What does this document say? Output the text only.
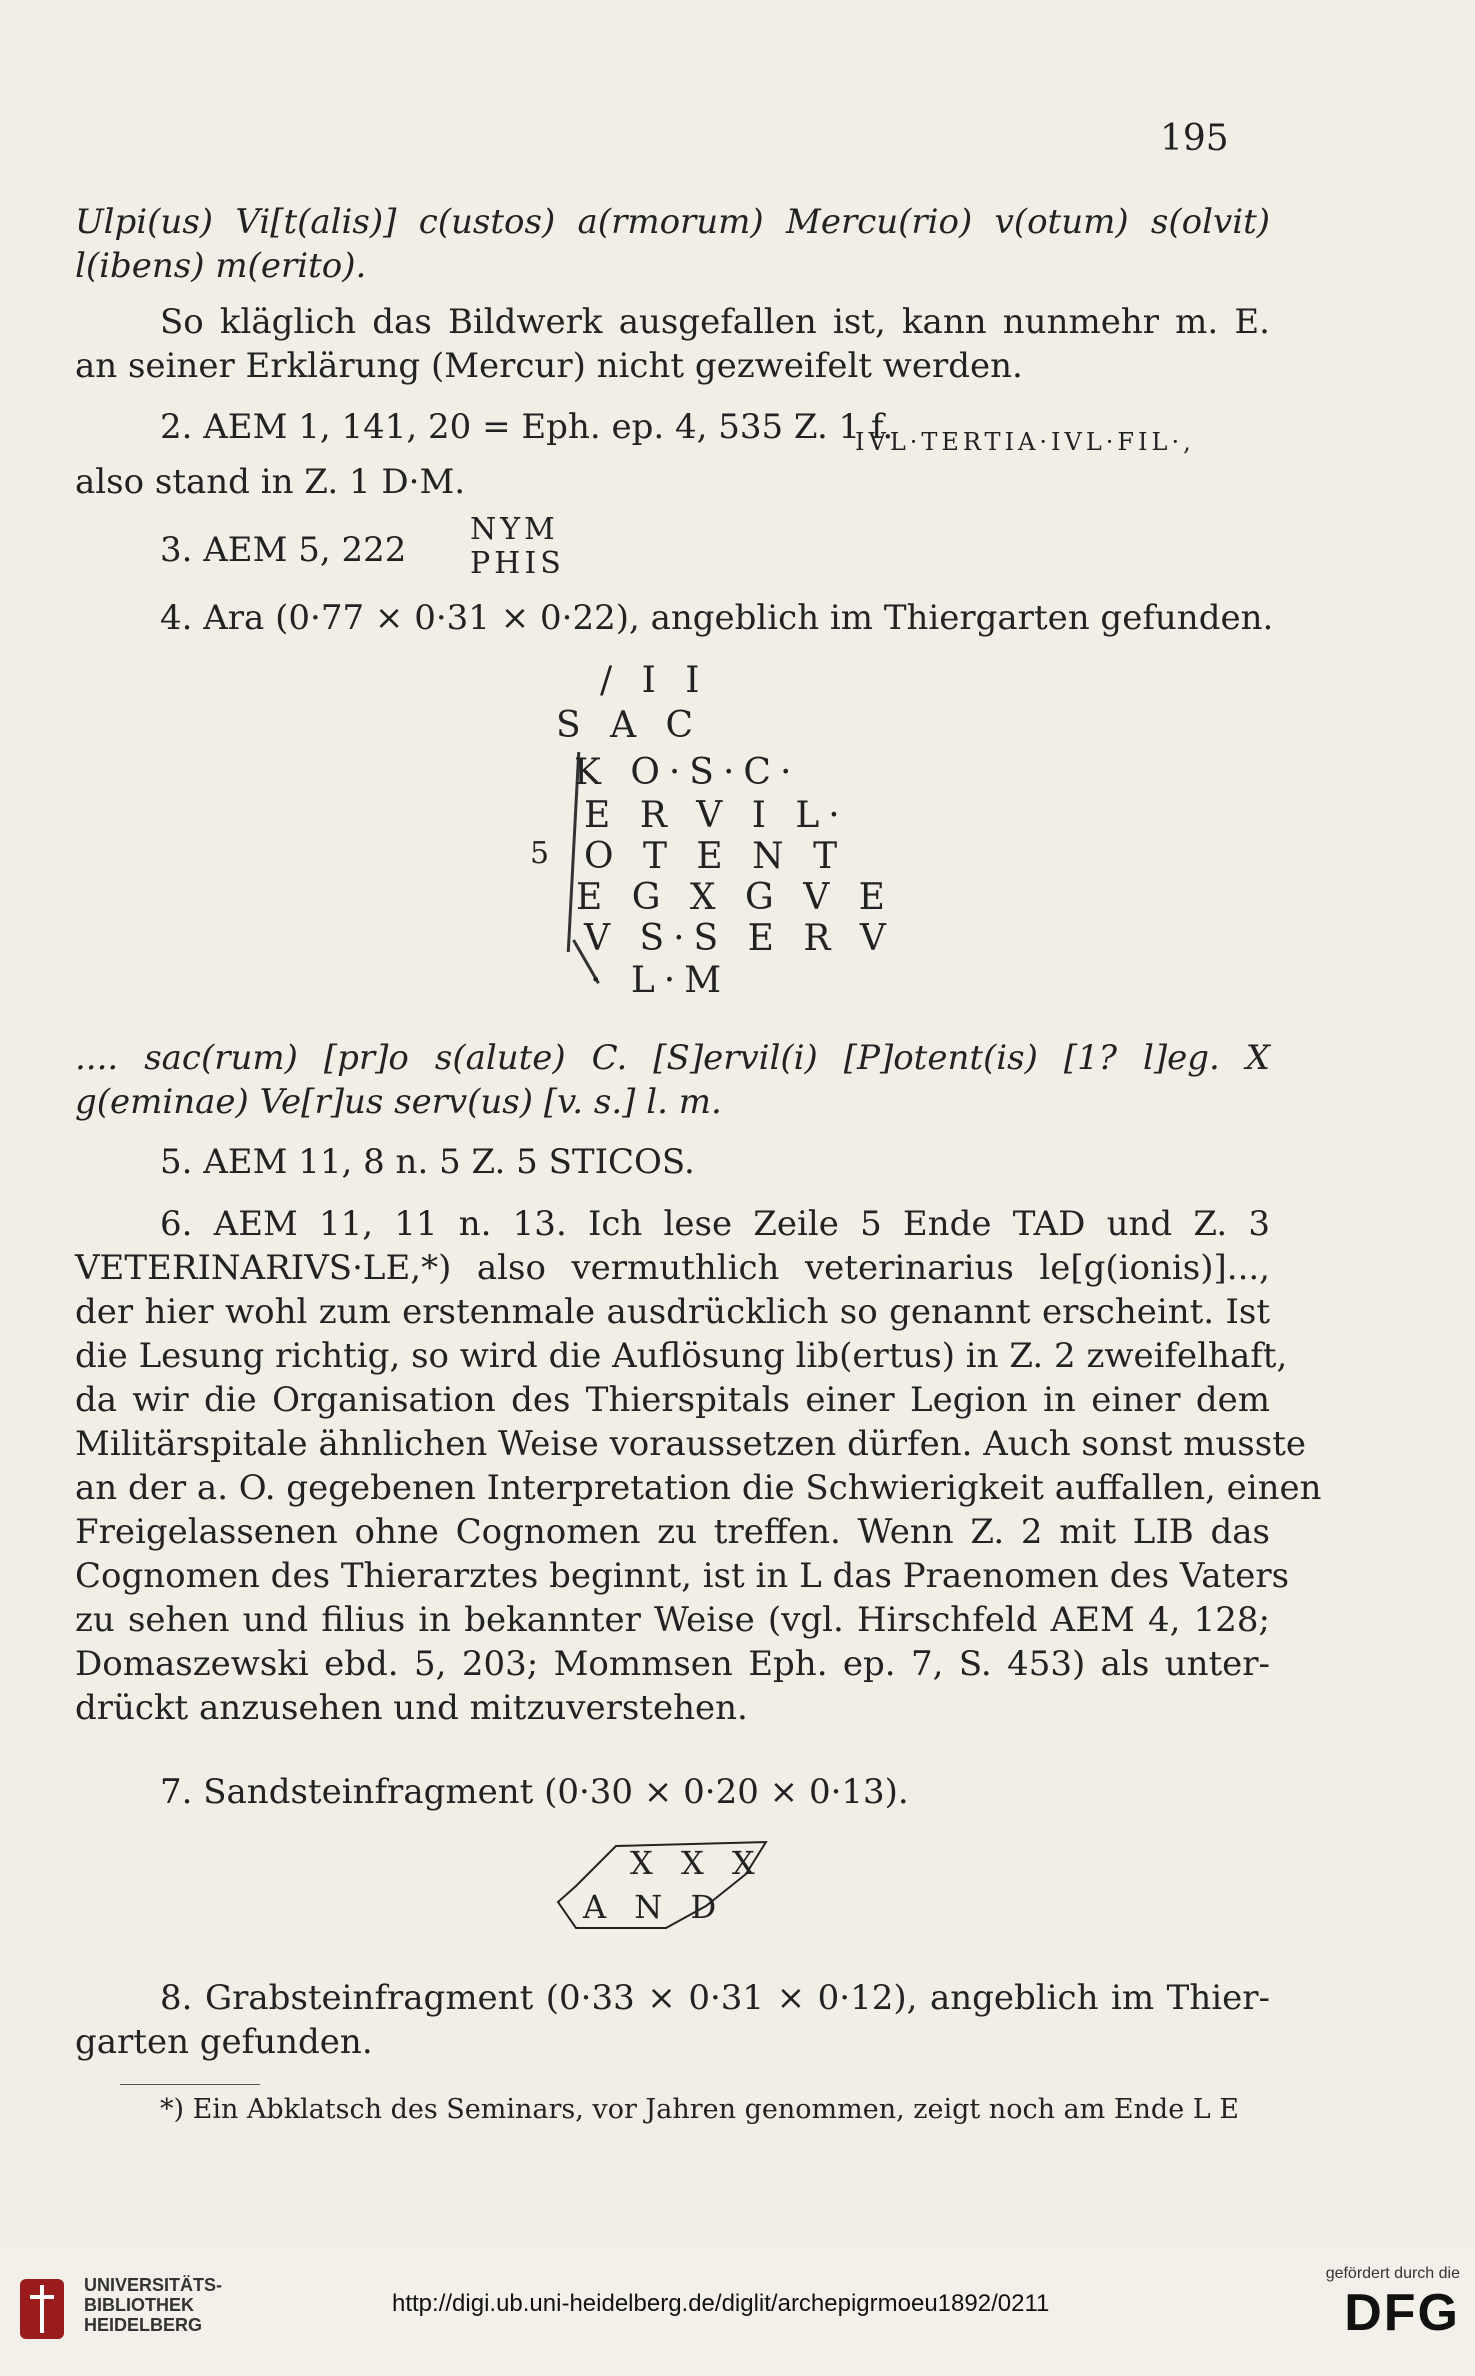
195
Ulpi(us) Vi[t(alis)] c(ustos) a(rmorum) Mercu(rio) v(otum) s(olvit)
l(ibens) m(erito).
So kläglich das Bildwerk ausgefallen ist, kann nunmehr m. E.
an seiner Erklärung (Mercur) nicht gezweifelt werden.
2. AEM 1, 141, 20 = Eph. ep. 4, 535 Z. 1 f.
IVL·TERTIA·IVL·FIL·,
also stand in Z. 1 D·M.
3. AEM 5, 222
NYM
PHIS
4. Ara (0·77 × 0·31 × 0·22), angeblich im Thiergarten gefunden.
/ I I
S A C
K O·S·C·
E R V I L·
5 O T E N T
E G X G V E
V S·S E R V
· L·M
.... sac(rum) [pr]o s(alute) C. [S]ervil(i) [P]otent(is) [1? l]eg. X
g(eminae) Ve[r]us serv(us) [v. s.] l. m.
5. AEM 11, 8 n. 5 Z. 5 STICOS.
6. AEM 11, 11 n. 13. Ich lese Zeile 5 Ende TAD und Z. 3
VETERINARIVS·LE,*) also vermuthlich veterinarius le[g(ionis)]...,
der hier wohl zum erstenmale ausdrücklich so genannt erscheint. Ist
die Lesung richtig, so wird die Auflösung lib(ertus) in Z. 2 zweifelhaft,
da wir die Organisation des Thierspitals einer Legion in einer dem
Militärspitale ähnlichen Weise voraussetzen dürfen. Auch sonst musste
an der a. O. gegebenen Interpretation die Schwierigkeit auffallen, einen
Freigelassenen ohne Cognomen zu treffen. Wenn Z. 2 mit LIB das
Cognomen des Thierarztes beginnt, ist in L das Praenomen des Vaters
zu sehen und filius in bekannter Weise (vgl. Hirschfeld AEM 4, 128;
Domaszewski ebd. 5, 203; Mommsen Eph. ep. 7, S. 453) als unter-
drückt anzusehen und mitzuverstehen.
7. Sandsteinfragment (0·30 × 0·20 × 0·13).
X X X
A N D
8. Grabsteinfragment (0·33 × 0·31 × 0·12), angeblich im Thier-
garten gefunden.
*) Ein Abklatsch des Seminars, vor Jahren genommen, zeigt noch am Ende L E
UNIVERSITÄTS-
BIBLIOTHEK
HEIDELBERG
http://digi.ub.uni-heidelberg.de/diglit/archepigrmoeu1892/0211
gefördert durch die
DFG
